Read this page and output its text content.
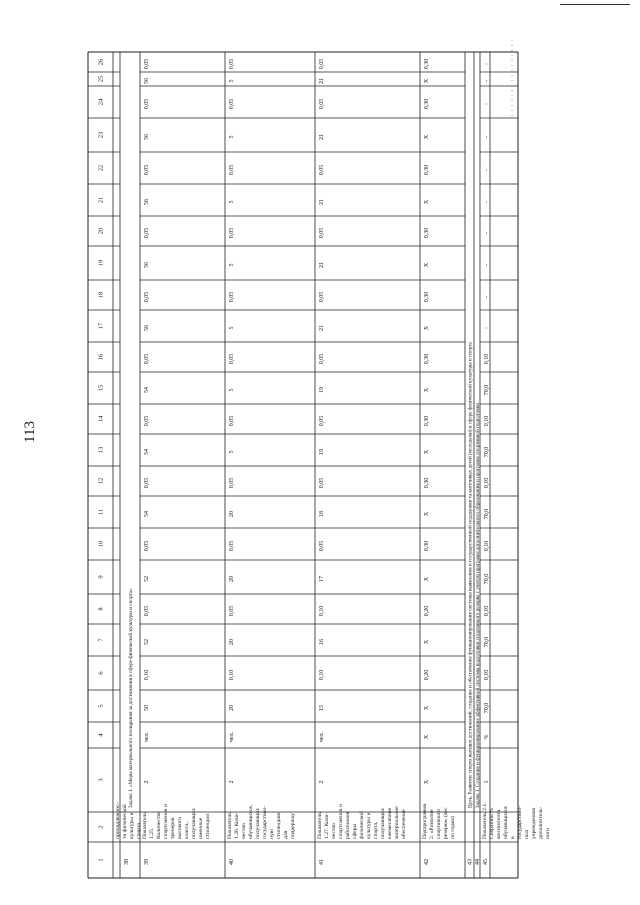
113
1
2
3
4
5
6
7
8
9
10
11
12
13
14
15
16
17
18
19
20
21
22
23
24
25
26
принадлежнос- ти физической культуры и спорта
38
Задача 1. «Меры материального поощрения за достижения в сфере физической культуры и спорта»
39
Показатель 1.25. Количество спортсменов и тренеров высокого класса, получающих именные стипендии
2
чел.
50
0,10
52
0,05
52
0,05
54
0,05
54
0,05
54
0,05
56
0,05
56
0,05
56
0,05
56
0,05
56
0,05
40
Показатель 1.26. Коли- чество обучающихся, получающих государствен- ную стипендию для поддержку
2
чел.
20
0,10
20
0,05
20
0,05
20
0,05
5
0,05
5
0,05
5
0,05
5
0,05
5
0,05
5
0,05
5
0,05
41
Показатель 1.27. Коли- чество спортсменов и работников сферы физической культуры и спорта, получающих ежемесячное материальное обеспечение
2
чел.
15
0,10
16
0,10
17
0,05
18
0,05
19
0,05
19
0,05
21
0,05
21
0,05
21
0,05
21
0,05
21
0,05
42
Подпрограмма 2. «Развитие спортивного резерва» (вес по годам)
X
X
X
0,20
X
0,20
X
0,30
X
0,30
X
0,30
X
0,30
X
0,30
X
0,30
X
0,30
X
0,30
X
0,30
43
Цель. Развитие спорта высших достижений, создание и обеспечение функционирования системы выявления и государственной поддержки талантливых детей (молодежи) в сфере физической культуры и спорта
44
Задача 1. Создание и функционирование эффективной системы подготовки спортивного резерва с учетом программ дополнительного образования и программ спортивной подготовки
45
Показатель 2.1. Сохранность контингента обучающихся в государствен- ных учреждениях дополнитель- ного
1
%
70,0
0,10
70,0
0,10
70,0
0,10
70,0
0,10
70,0
0,10
70,0
0,10
-
-
-
-
-
-
-
-
-
-
